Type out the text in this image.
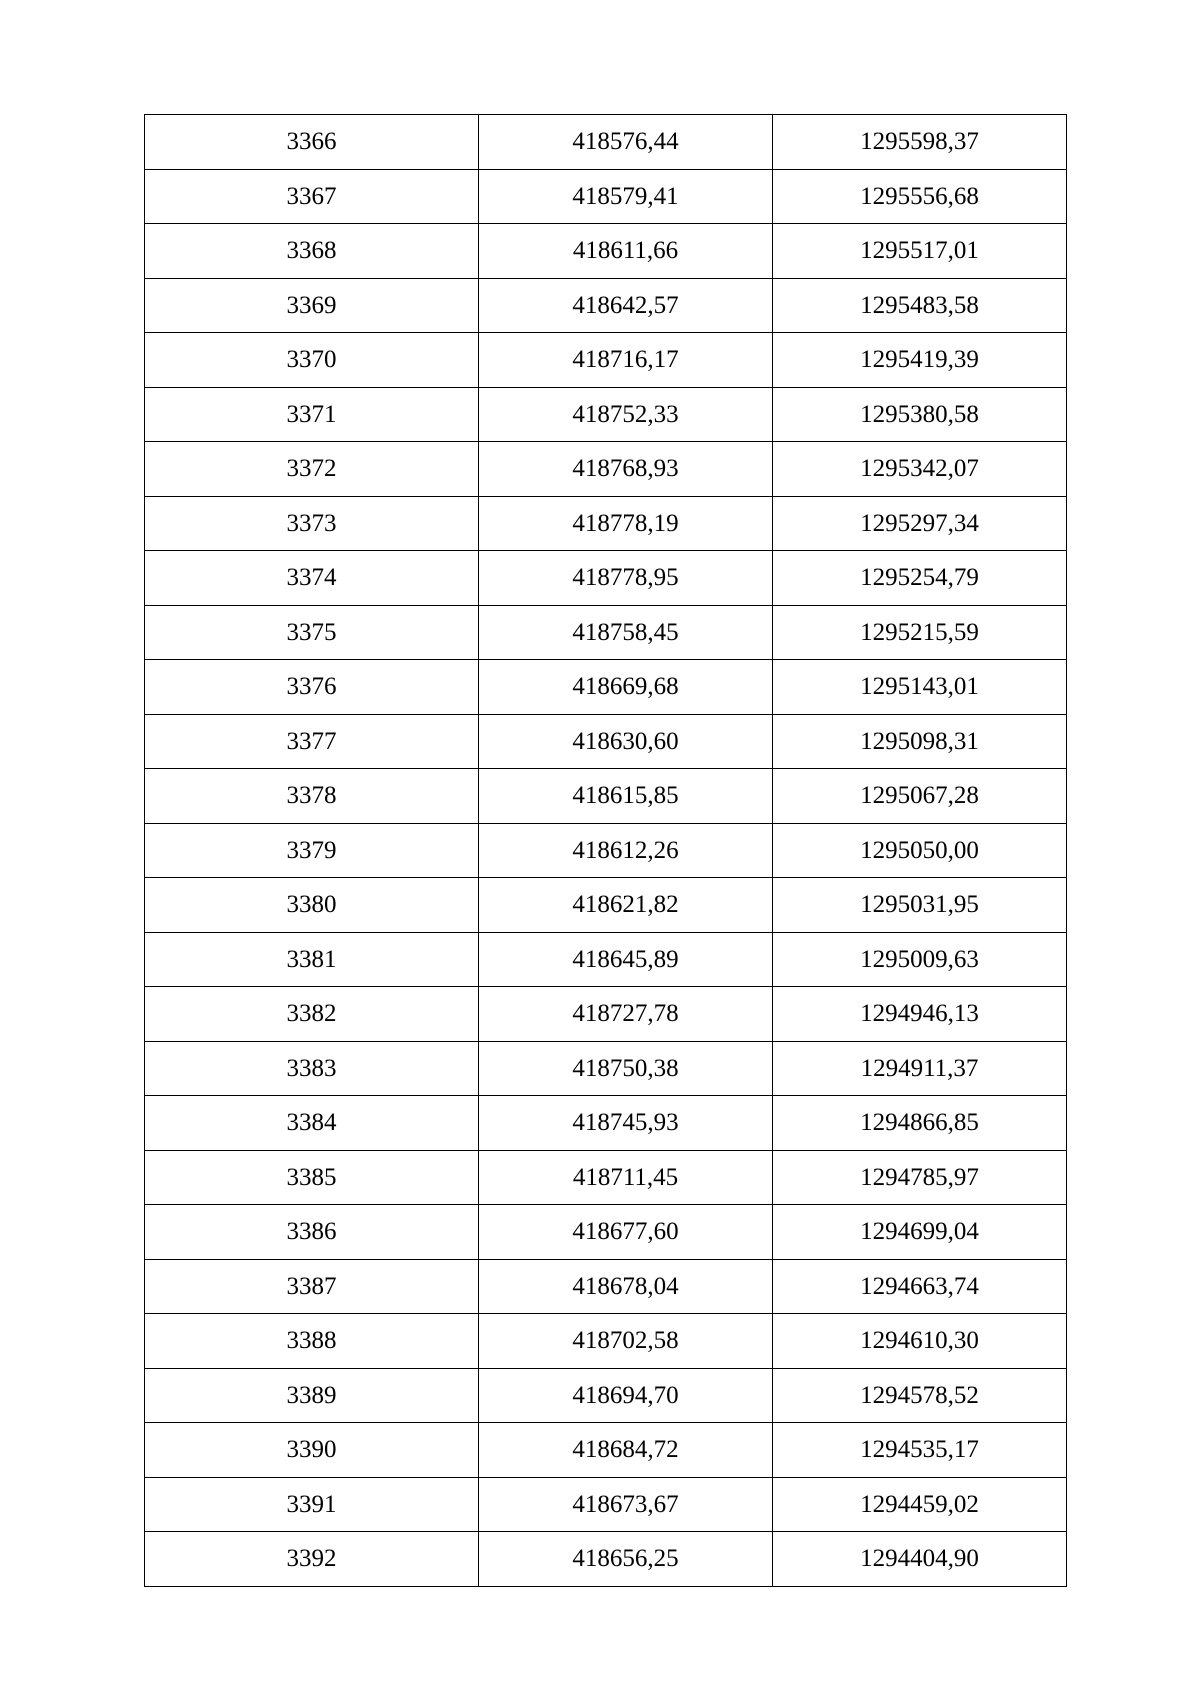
3366	418576,44	1295598,37
3367	418579,41	1295556,68
3368	418611,66	1295517,01
3369	418642,57	1295483,58
3370	418716,17	1295419,39
3371	418752,33	1295380,58
3372	418768,93	1295342,07
3373	418778,19	1295297,34
3374	418778,95	1295254,79
3375	418758,45	1295215,59
3376	418669,68	1295143,01
3377	418630,60	1295098,31
3378	418615,85	1295067,28
3379	418612,26	1295050,00
3380	418621,82	1295031,95
3381	418645,89	1295009,63
3382	418727,78	1294946,13
3383	418750,38	1294911,37
3384	418745,93	1294866,85
3385	418711,45	1294785,97
3386	418677,60	1294699,04
3387	418678,04	1294663,74
3388	418702,58	1294610,30
3389	418694,70	1294578,52
3390	418684,72	1294535,17
3391	418673,67	1294459,02
3392	418656,25	1294404,90
